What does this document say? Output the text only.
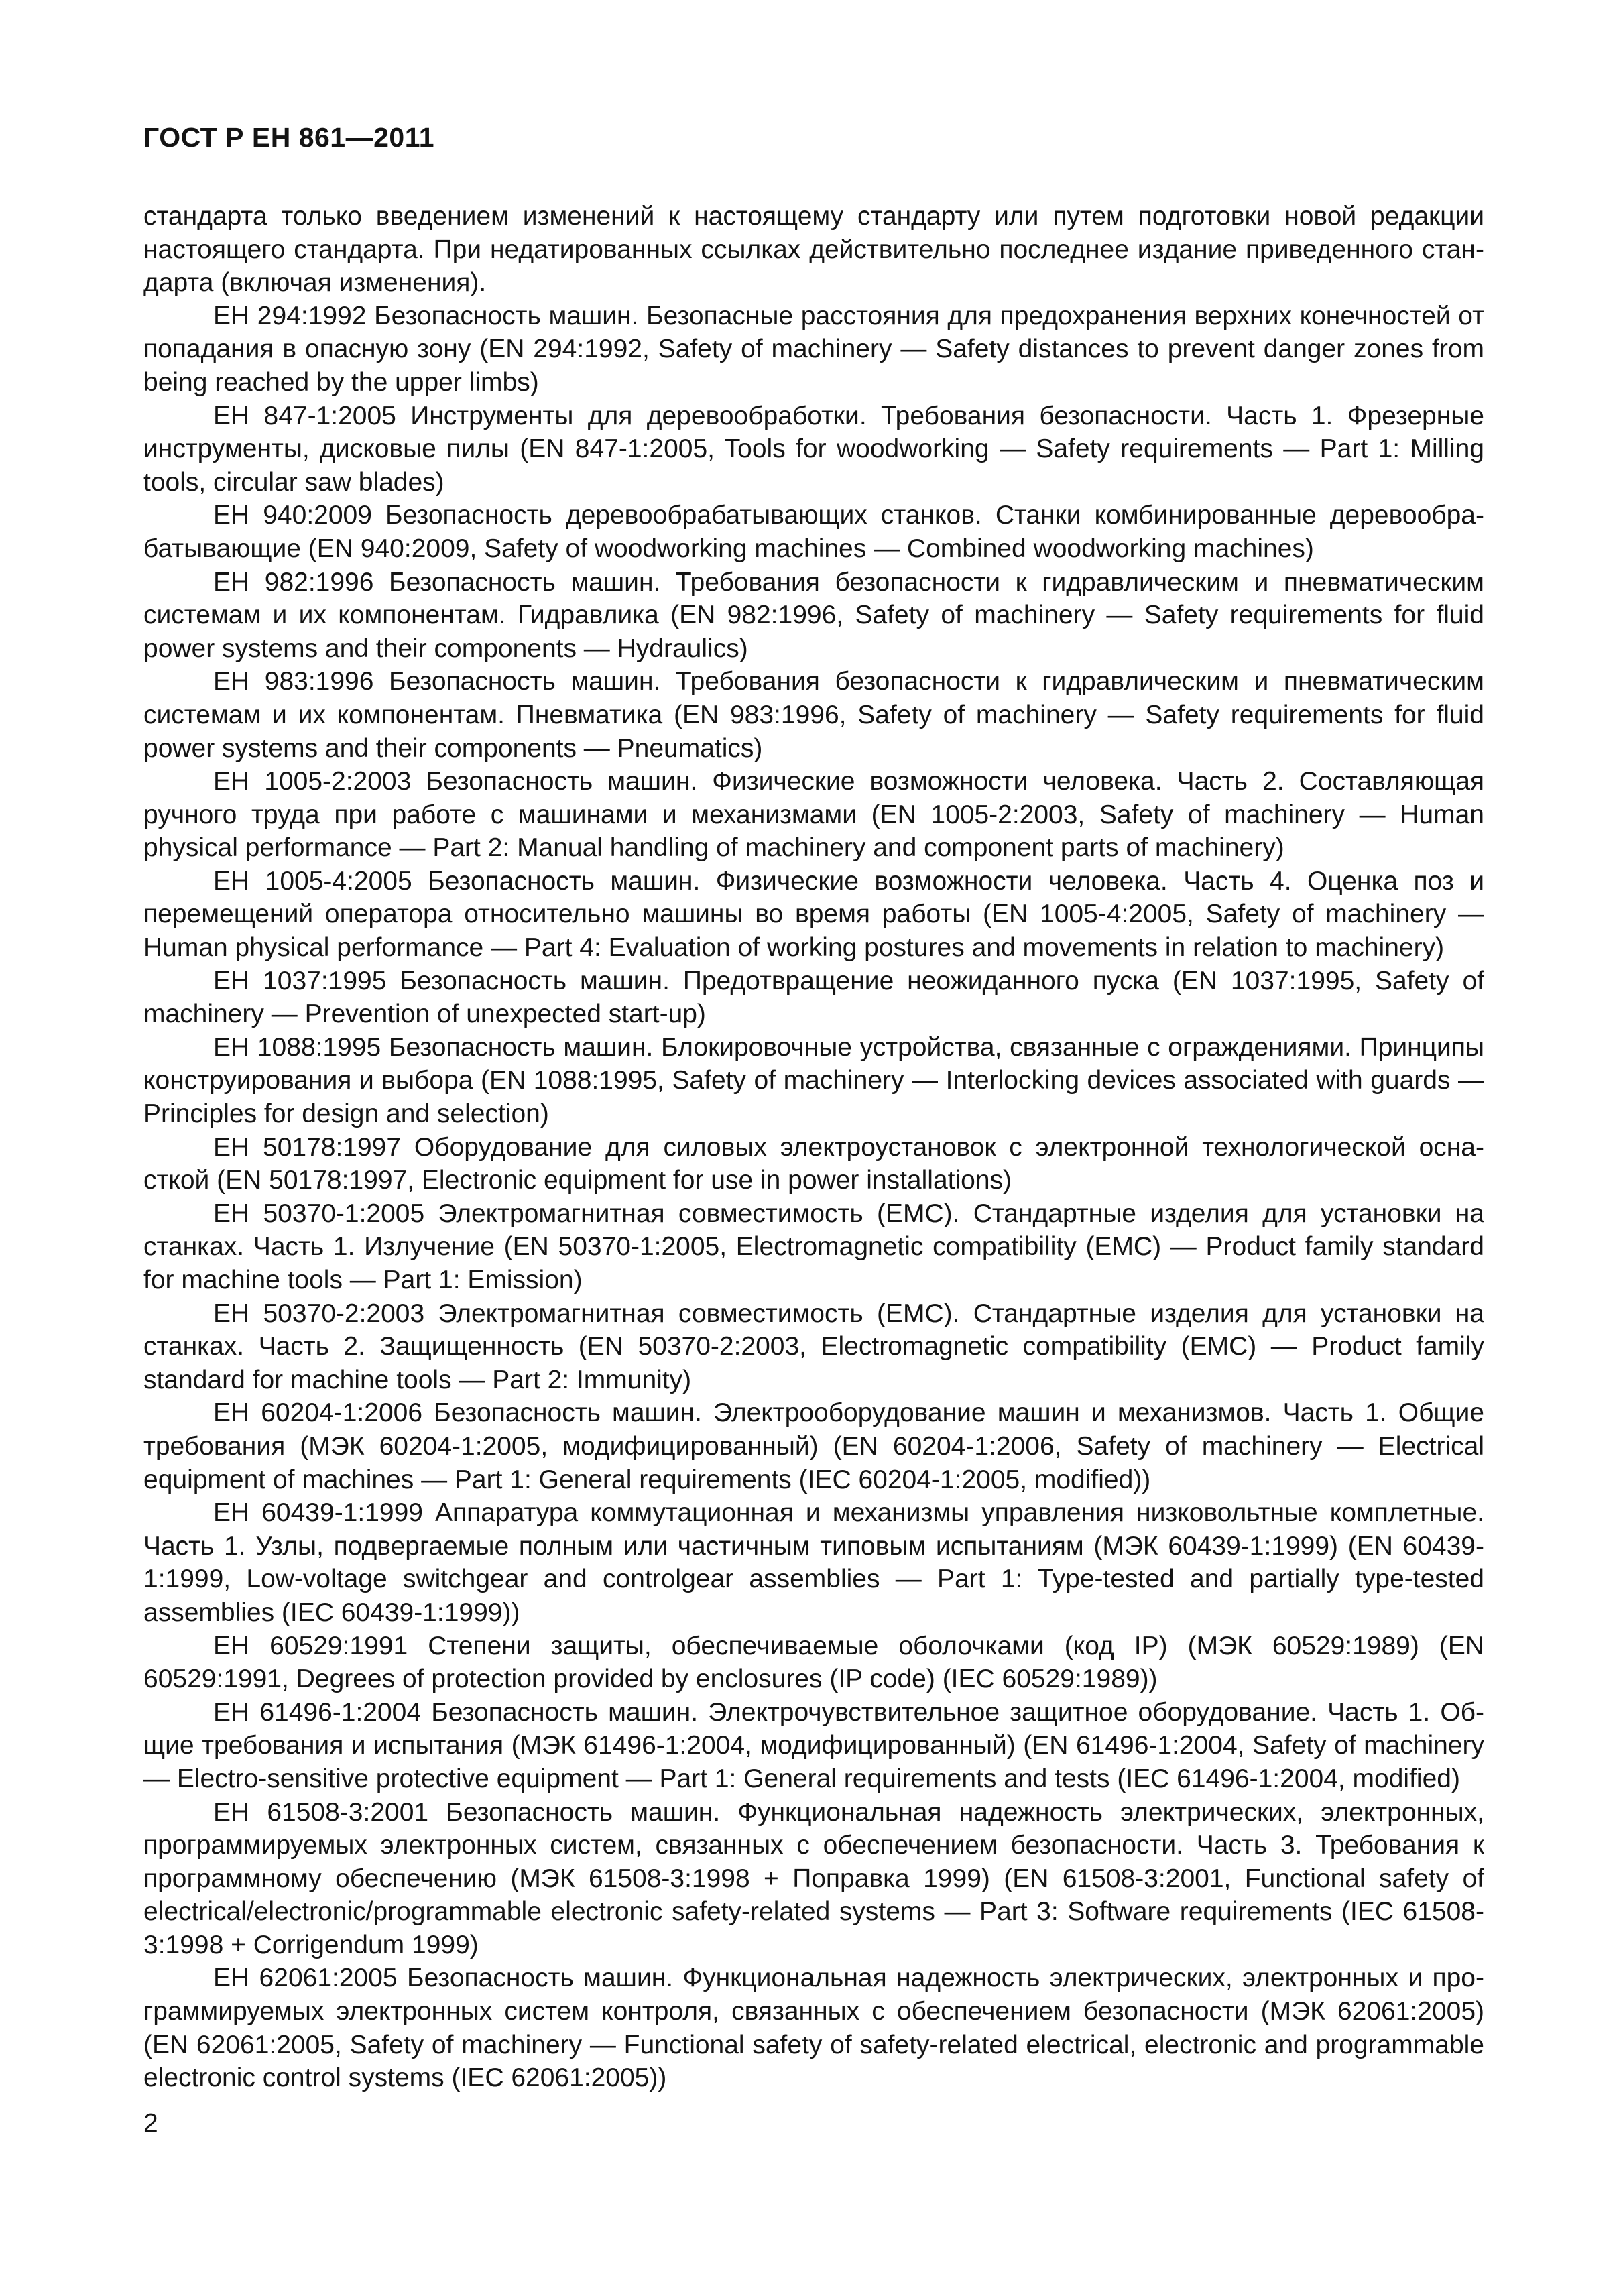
ГОСТ Р ЕН 861—2011

стандарта только введением изменений к настоящему стандарту или путем подготовки новой редакции настоящего стандарта. При недатированных ссылках действительно последнее издание приведенного стандарта (включая изменения).

ЕН 294:1992 Безопасность машин. Безопасные расстояния для предохранения верхних конечностей от попадания в опасную зону (EN 294:1992, Safety of machinery — Safety distances to prevent danger zones from being reached by the upper limbs)

ЕН 847-1:2005 Инструменты для деревообработки. Требования безопасности. Часть 1. Фрезерные инструменты, дисковые пилы (EN 847-1:2005, Tools for woodworking — Safety requirements — Part 1: Milling tools, circular saw blades)

ЕН 940:2009 Безопасность деревообрабатывающих станков. Станки комбинированные деревообрабатывающие (EN 940:2009, Safety of woodworking machines — Combined woodworking machines)

ЕН 982:1996 Безопасность машин. Требования безопасности к гидравлическим и пневматическим системам и их компонентам. Гидравлика (EN 982:1996, Safety of machinery — Safety requirements for fluid power systems and their components — Hydraulics)

ЕН 983:1996 Безопасность машин. Требования безопасности к гидравлическим и пневматическим системам и их компонентам. Пневматика (EN 983:1996, Safety of machinery — Safety requirements for fluid power systems and their components — Pneumatics)

ЕН 1005-2:2003 Безопасность машин. Физические возможности человека. Часть 2. Составляющая ручного труда при работе с машинами и механизмами (EN 1005-2:2003, Safety of machinery — Human physical performance — Part 2: Manual handling of machinery and component parts of machinery)

ЕН 1005-4:2005 Безопасность машин. Физические возможности человека. Часть 4. Оценка поз и перемещений оператора относительно машины во время работы (EN 1005-4:2005, Safety of machinery — Human physical performance — Part 4: Evaluation of working postures and movements in relation to machinery)

ЕН 1037:1995 Безопасность машин. Предотвращение неожиданного пуска (EN 1037:1995, Safety of machinery — Prevention of unexpected start-up)

ЕН 1088:1995 Безопасность машин. Блокировочные устройства, связанные с ограждениями. Принципы конструирования и выбора (EN 1088:1995, Safety of machinery — Interlocking devices associated with guards — Principles for design and selection)

ЕН 50178:1997 Оборудование для силовых электроустановок с электронной технологической оснасткой (EN 50178:1997, Electronic equipment for use in power installations)

ЕН 50370-1:2005 Электромагнитная совместимость (ЕМС). Стандартные изделия для установки на станках. Часть 1. Излучение (EN 50370-1:2005, Electromagnetic compatibility (EMC) — Product family standard for machine tools — Part 1: Emission)

ЕН 50370-2:2003 Электромагнитная совместимость (ЕМС). Стандартные изделия для установки на станках. Часть 2. Защищенность (EN 50370-2:2003, Electromagnetic compatibility (EMC) — Product family standard for machine tools — Part 2: Immunity)

ЕН 60204-1:2006 Безопасность машин. Электрооборудование машин и механизмов. Часть 1. Общие требования (МЭК 60204-1:2005, модифицированный) (EN 60204-1:2006, Safety of machinery — Electrical equipment of machines — Part 1: General requirements (IEC 60204-1:2005, modified))

ЕН 60439-1:1999 Аппаратура коммутационная и механизмы управления низковольтные комплетные. Часть 1. Узлы, подвергаемые полным или частичным типовым испытаниям (МЭК 60439-1:1999) (EN 60439-1:1999, Low-voltage switchgear and controlgear assemblies — Part 1: Type-tested and partially type-tested assemblies (IEC 60439-1:1999))

ЕН 60529:1991 Степени защиты, обеспечиваемые оболочками (код IP) (МЭК 60529:1989) (EN 60529:1991, Degrees of protection provided by enclosures (IP code) (IEC 60529:1989))

ЕН 61496-1:2004 Безопасность машин. Электрочувствительное защитное оборудование. Часть 1. Общие требования и испытания (МЭК 61496-1:2004, модифицированный) (EN 61496-1:2004, Safety of machinery — Electro-sensitive protective equipment — Part 1: General requirements and tests (IEC 61496-1:2004, modified)

ЕН 61508-3:2001 Безопасность машин. Функциональная надежность электрических, электронных, программируемых электронных систем, связанных с обеспечением безопасности. Часть 3. Требования к программному обеспечению (МЭК 61508-3:1998 + Поправка 1999) (EN 61508-3:2001, Functional safety of electrical/electronic/programmable electronic safety-related systems — Part 3: Software requirements (IEC 61508-3:1998 + Corrigendum 1999)

ЕН 62061:2005 Безопасность машин. Функциональная надежность электрических, электронных и программируемых электронных систем контроля, связанных с обеспечением безопасности (МЭК 62061:2005) (EN 62061:2005, Safety of machinery — Functional safety of safety-related electrical, electronic and programmable electronic control systems (IEC 62061:2005))

2
